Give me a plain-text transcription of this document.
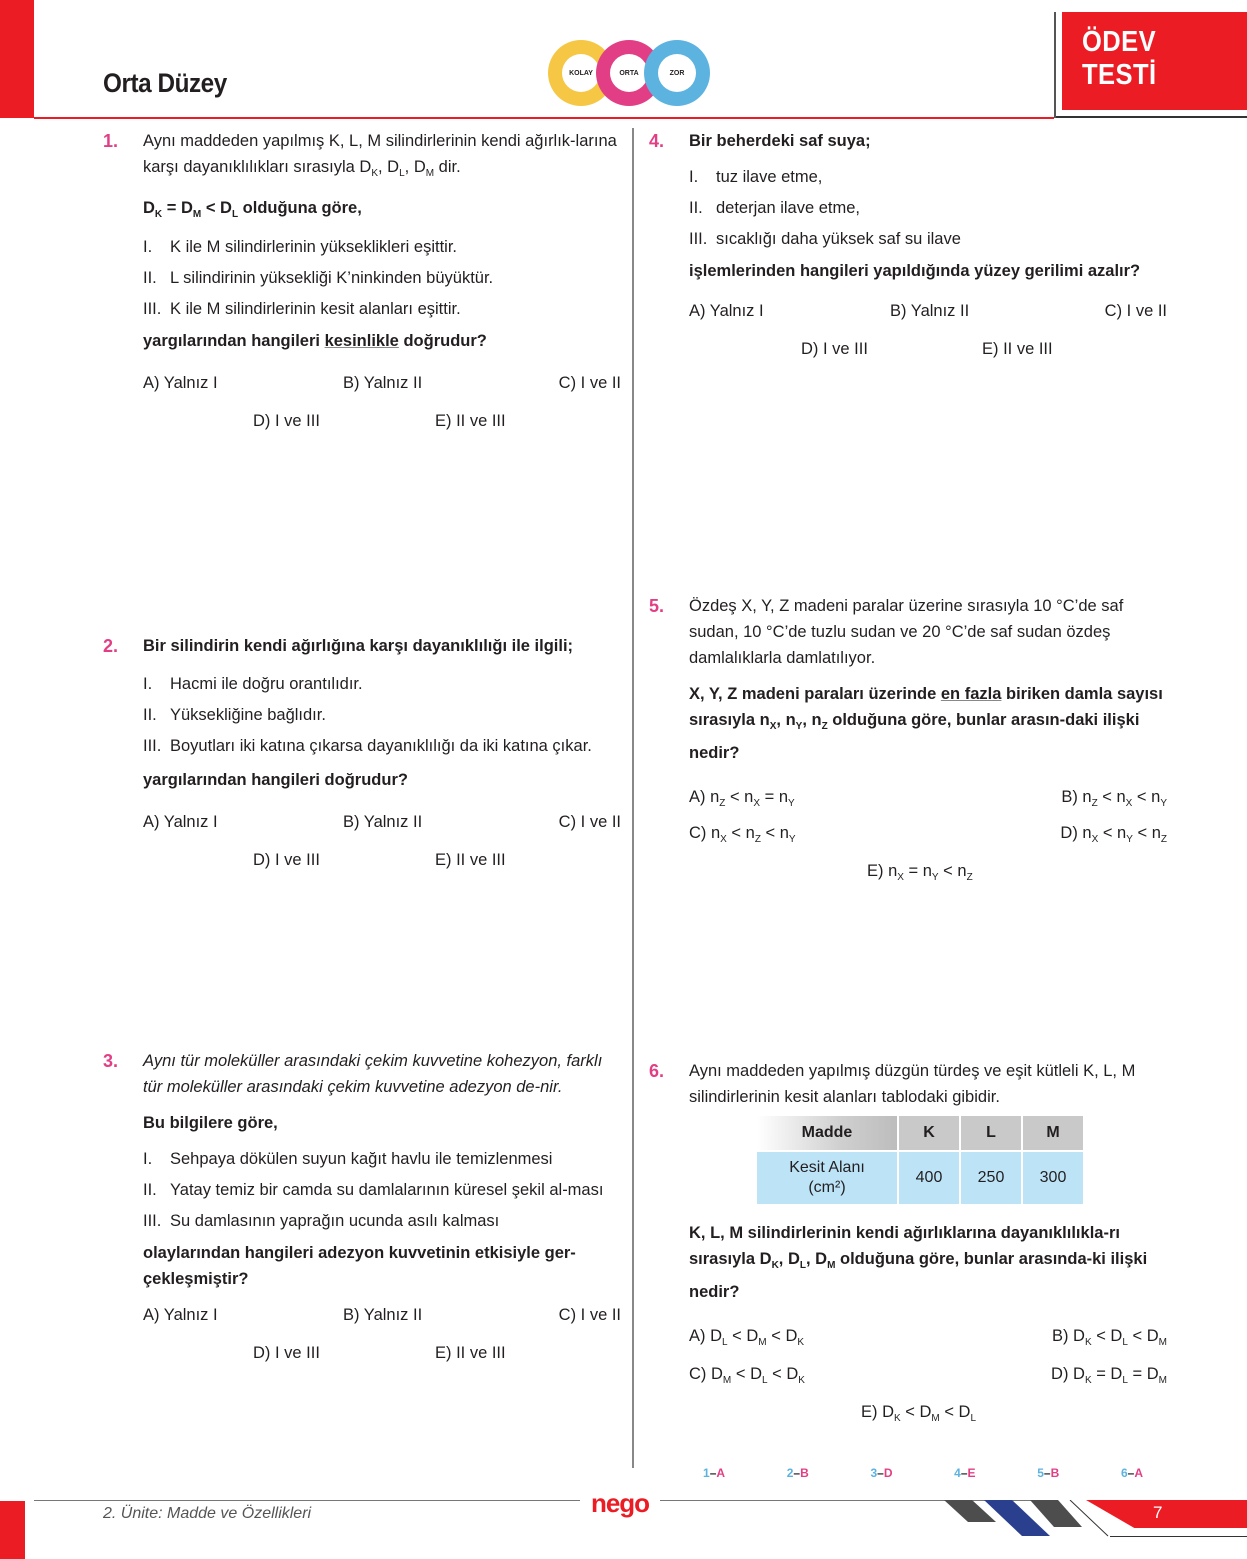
Orta Düzey	KOLAY	ORTA	ZOR
ÖDEV
TESTİ
1. Aynı maddeden yapılmış K, L, M silindirlerinin kendi ağırlık-larına karşı dayanıklılıkları sırasıyla $D_K$, $D_L$, $D_M$ dir.

$D_K = D_M < D_L$ olduğuna göre,

I.	K ile M silindirlerinin yükseklikleri eşittir.
II. L silindirinin yüksekliği K’ninkinden büyüktür.
III. K ile M silindirlerinin kesit alanları eşittir.

yargılarından hangileri kesinlikle doğrudur?

A) Yalnız I	B) Yalnız II	C) I ve II
D) I ve III	E) II ve III
2. Bir silindirin kendi ağırlığına karşı dayanıklılığı ile ilgili;

I.	Hacmi ile doğru orantılıdır.
II. Yüksekliğine bağlıdır.
III. Boyutları iki katına çıkarsa dayanıklılığı da iki katına çıkar.

yargılarından hangileri doğrudur?

A) Yalnız I	B) Yalnız II	C) I ve II
D) I ve III	E) II ve III
3. Aynı tür moleküller arasındaki çekim kuvvetine kohezyon, farklı tür moleküller arasındaki çekim kuvvetine adezyon de-nir.

Bu bilgilere göre,

I.	Sehpaya dökülen suyun kağıt havlu ile temizlenmesi
II. Yatay temiz bir camda su damlalarının küresel şekil al-ması
III. Su damlasının yaprağın ucunda asılı kalması

olaylarından hangileri adezyon kuvvetinin etkisiyle ger-çekleşmiştir?

A) Yalnız I	B) Yalnız II	C) I ve II
D) I ve III	E) II ve III
4. Bir beherdeki saf suya;

I.	tuz ilave etme,
II. deterjan ilave etme,
III. sıcaklığı daha yüksek saf su ilave

işlemlerinden hangileri yapıldığında yüzey gerilimi azalır?

A) Yalnız I	B) Yalnız II	C) I ve II
D) I ve III	E) II ve III
5. Özdeş X, Y, Z madeni paralar üzerine sırasıyla 10 °C’de saf sudan, 10 °C’de tuzlu sudan ve 20 °C’de saf sudan özdeş damlalıklarla damlatılıyor.

X, Y, Z madeni paraları üzerinde en fazla biriken damla sayısı sırasıyla $n_X$, $n_Y$, $n_Z$ olduğuna göre, bunlar arasın-daki ilişki nedir?

A) $n_Z < n_X = n_Y$	B) $n_Z < n_X < n_Y$
C) $n_X < n_Z < n_Y$	D) $n_X < n_Y < n_Z$
E) $n_X = n_Y < n_Z$
6. Aynı maddeden yapılmış düzgün türdeş ve eşit kütleli K, L, M silindirlerinin kesit alanları tablodaki gibidir.

Madde	K	L	M
Kesit Alanı
(cm²)	400	250	300

K, L, M silindirlerinin kendi ağırlıklarına dayanıklılıkla-rı sırasıyla $D_K$, $D_L$, $D_M$ olduğuna göre, bunlar arasında-ki ilişki nedir?

A) $D_L < D_M < D_K$	B) $D_K < D_L < D_M$
C) $D_M < D_L < D_K$	D) $D_K = D_L = D_M$
E) $D_K < D_M < D_L$
1–A	2–B	3–D	4–E	5–B	6–A
2. Ünite: Madde ve Özellikleri	nego	7
